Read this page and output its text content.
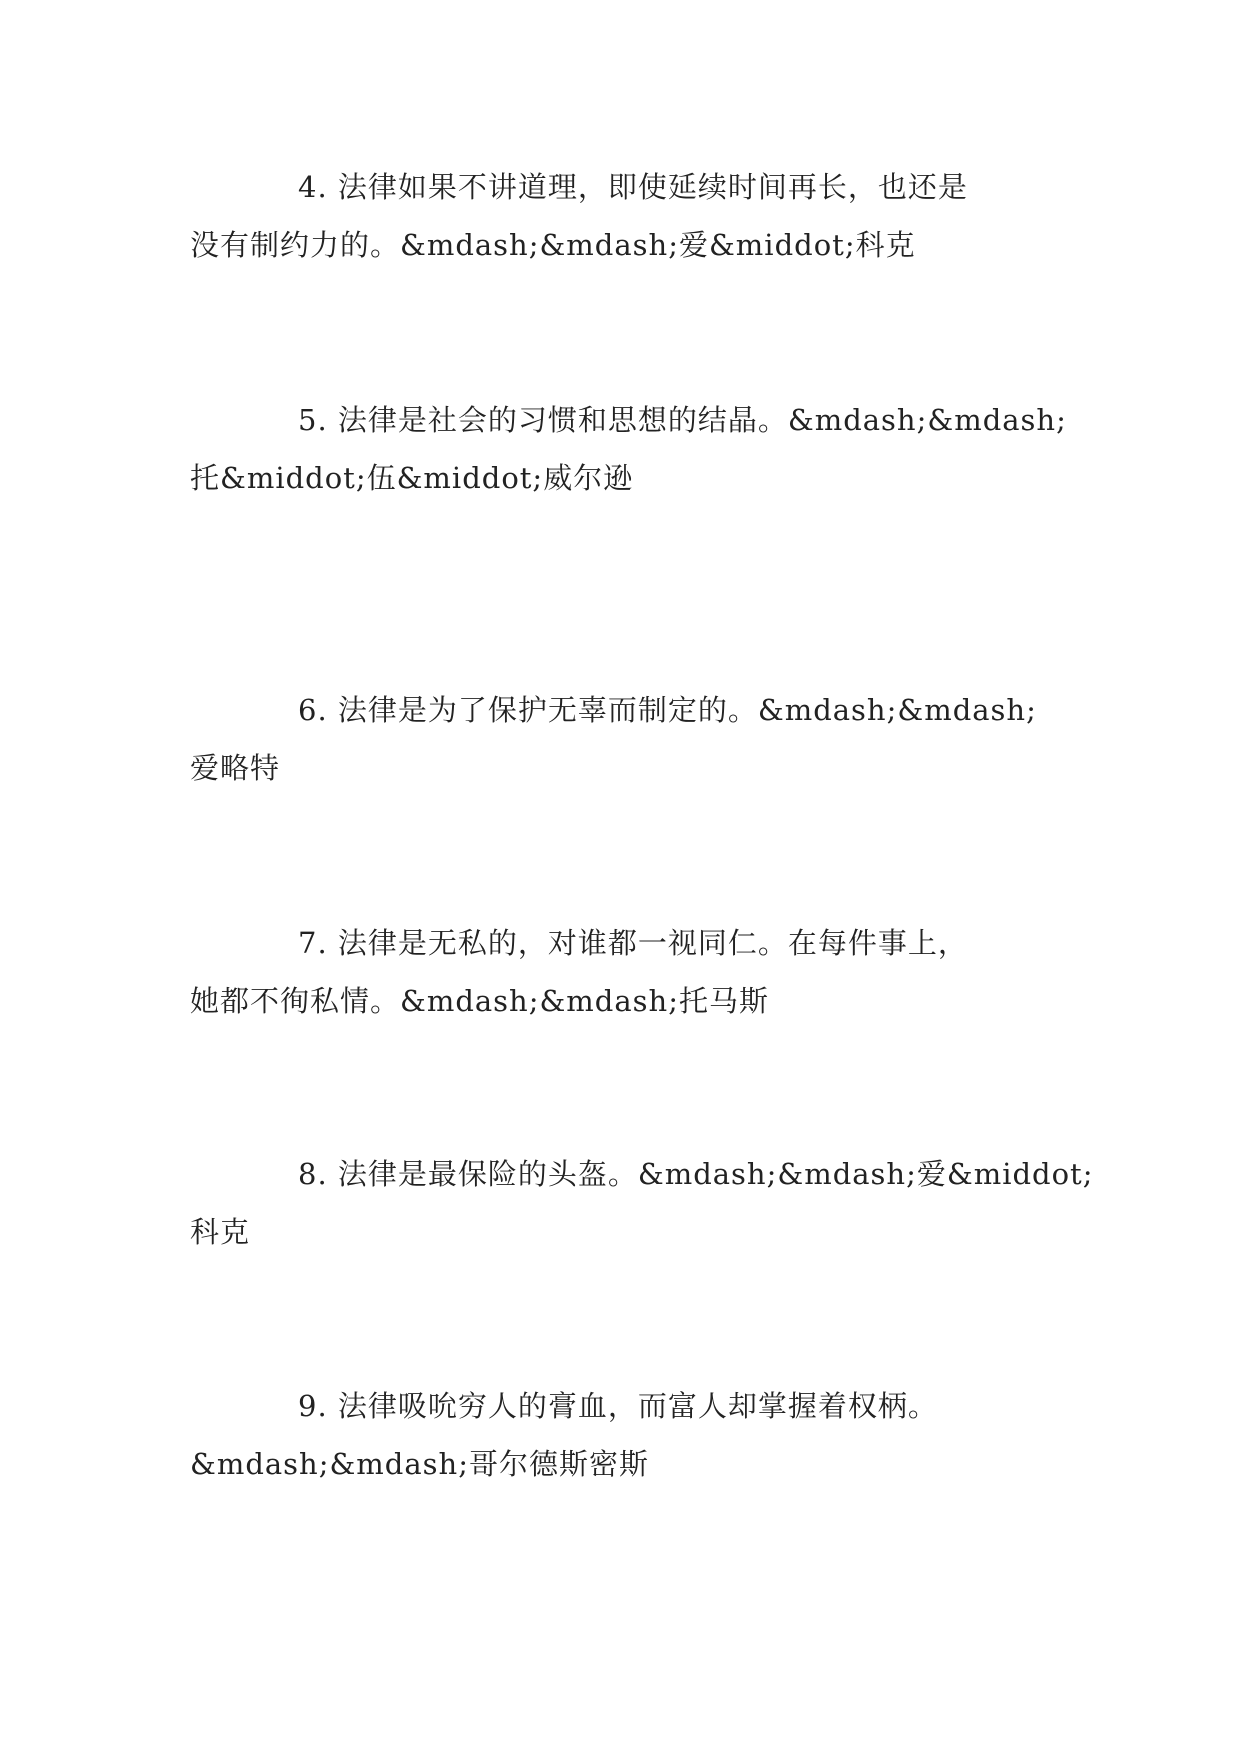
4. 法律如果不讲道理，即使延续时间再长，也还是
没有制约力的。&mdash;&mdash;爱&middot;科克

5. 法律是社会的习惯和思想的结晶。&mdash;&mdash;
托&middot;伍&middot;威尔逊

6. 法律是为了保护无辜而制定的。&mdash;&mdash;
爱略特

7. 法律是无私的，对谁都一视同仁。在每件事上，
她都不徇私情。&mdash;&mdash;托马斯

8. 法律是最保险的头盔。&mdash;&mdash;爱&middot;
科克

9. 法律吸吮穷人的膏血，而富人却掌握着权柄。
&mdash;&mdash;哥尔德斯密斯
